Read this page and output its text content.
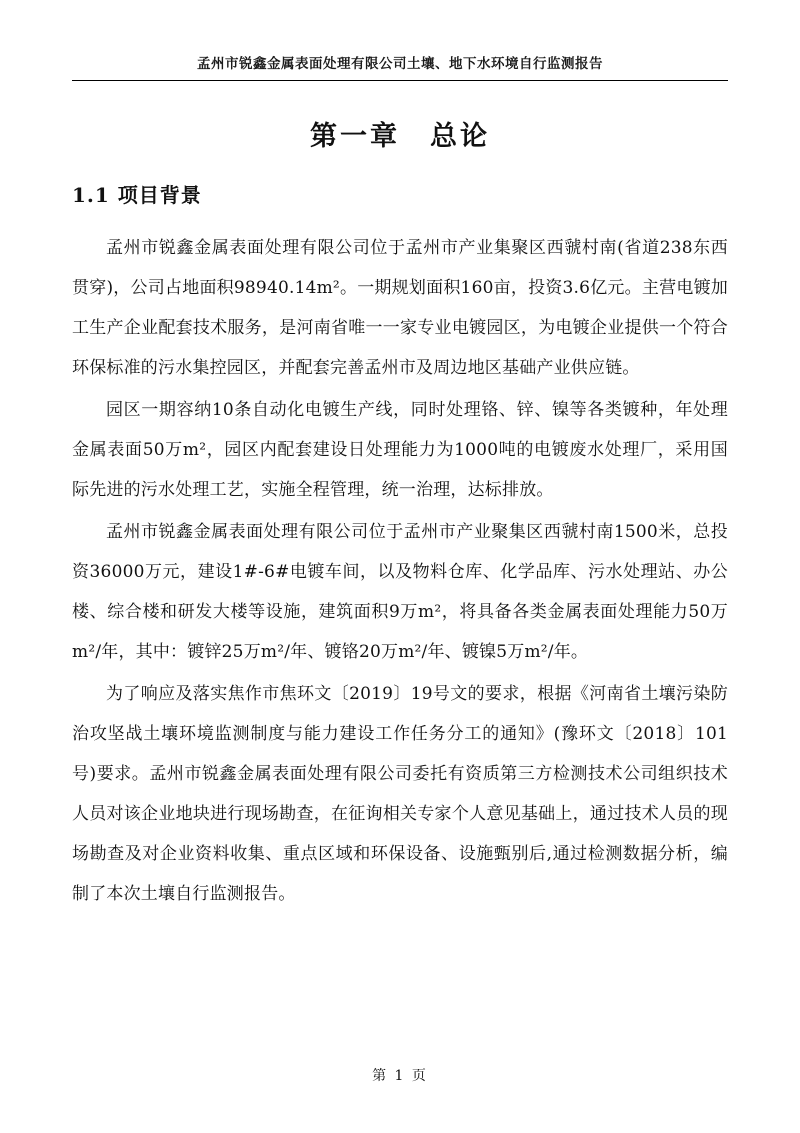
孟州市锐鑫金属表面处理有限公司土壤、地下水环境自行监测报告
第一章　总论
1.1 项目背景

孟州市锐鑫金属表面处理有限公司位于孟州市产业集聚区西虢村南(省道238东西贯穿)，公司占地面积98940.14m²。一期规划面积160亩，投资3.6亿元。主营电镀加工生产企业配套技术服务，是河南省唯一一家专业电镀园区，为电镀企业提供一个符合环保标准的污水集控园区，并配套完善孟州市及周边地区基础产业供应链。

园区一期容纳10条自动化电镀生产线，同时处理铬、锌、镍等各类镀种，年处理金属表面50万m²，园区内配套建设日处理能力为1000吨的电镀废水处理厂，采用国际先进的污水处理工艺，实施全程管理，统一治理，达标排放。

孟州市锐鑫金属表面处理有限公司位于孟州市产业聚集区西虢村南1500米，总投资36000万元，建设1#-6#电镀车间，以及物料仓库、化学品库、污水处理站、办公楼、综合楼和研发大楼等设施，建筑面积9万m²，将具备各类金属表面处理能力50万m²/年，其中：镀锌25万m²/年、镀铬20万m²/年、镀镍5万m²/年。

为了响应及落实焦作市焦环文〔2019〕19号文的要求，根据《河南省土壤污染防治攻坚战土壤环境监测制度与能力建设工作任务分工的通知》(豫环文〔2018〕101号)要求。孟州市锐鑫金属表面处理有限公司委托有资质第三方检测技术公司组织技术人员对该企业地块进行现场勘查，在征询相关专家个人意见基础上，通过技术人员的现场勘查及对企业资料收集、重点区域和环保设备、设施甄别后,通过检测数据分析，编制了本次土壤自行监测报告。

第 1 页
